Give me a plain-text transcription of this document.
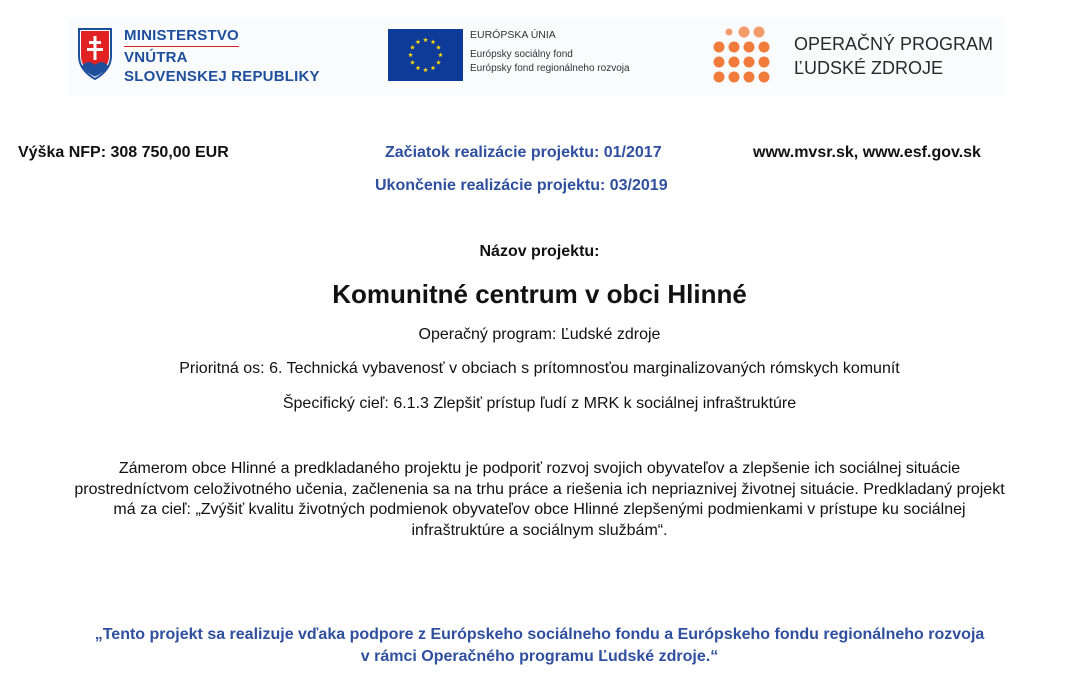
MINISTERSTVO
VNÚTRA
SLOVENSKEJ REPUBLIKY
EURÓPSKA ÚNIA
Európsky sociálny fond
Európsky fond regionálneho rozvoja
OPERAČNÝ PROGRAM
ĽUDSKÉ ZDROJE
Výška NFP: 308 750,00 EUR	Začiatok realizácie projektu: 01/2017
Ukončenie realizácie projektu: 03/2019
www.mvsr.sk, www.esf.gov.sk
Názov projektu:
Komunitné centrum v obci Hlinné
Operačný program: Ľudské zdroje
Prioritná os: 6. Technická vybavenosť v obciach s prítomnosťou marginalizovaných rómskych komunít
Špecifický cieľ: 6.1.3 Zlepšiť prístup ľudí z MRK k sociálnej infraštruktúre
Zámerom obce Hlinné a predkladaného projektu je podporiť rozvoj svojich obyvateľov a zlepšenie ich sociálnej situácie
prostredníctvom celoživotného učenia, začlenenia sa na trhu práce a riešenia ich nepriaznivej životnej situácie. Predkladaný projekt
má za cieľ: „Zvýšiť kvalitu životných podmienok obyvateľov obce Hlinné zlepšenými podmienkami v prístupe ku sociálnej
infraštruktúre a sociálnym službám“.
„Tento projekt sa realizuje vďaka podpore z Európskeho sociálneho fondu a Európskeho fondu regionálneho rozvoja
v rámci Operačného programu Ľudské zdroje.“
